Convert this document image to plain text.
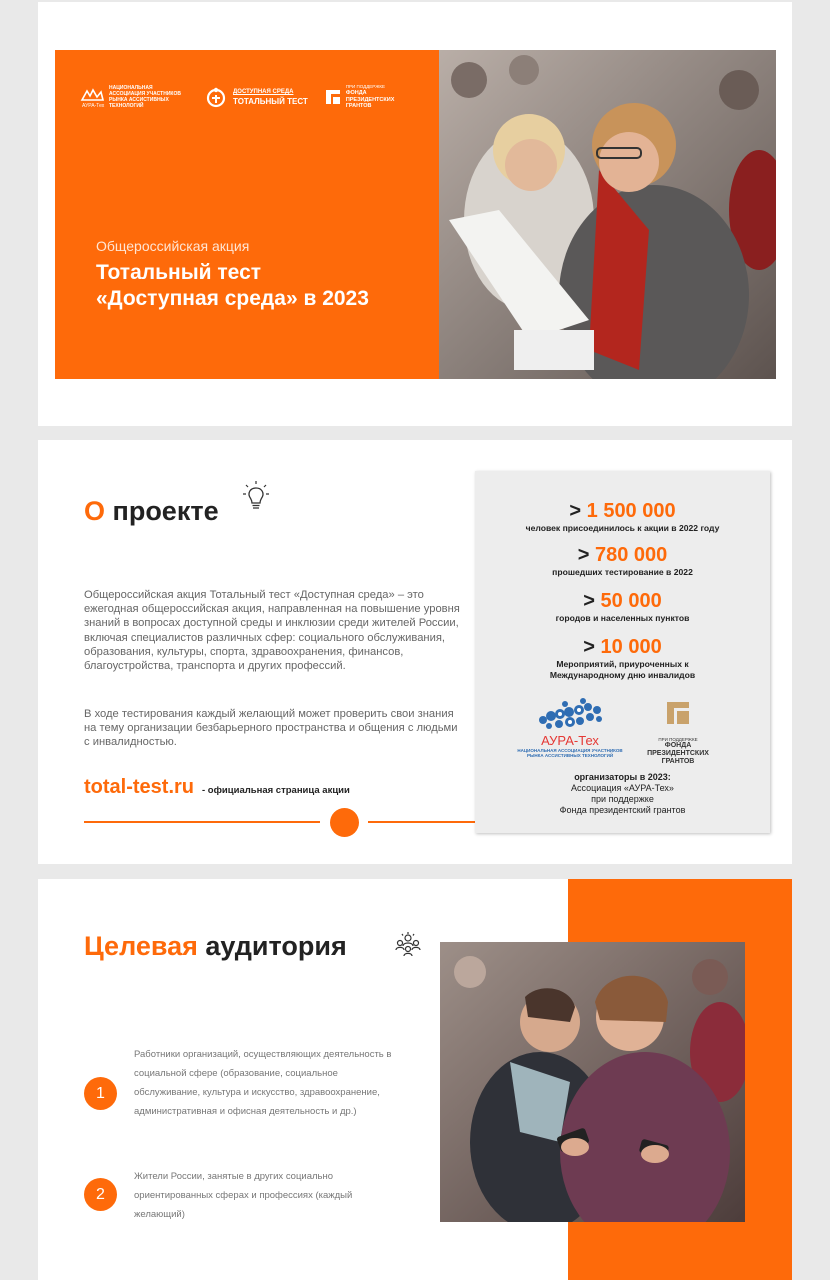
АУРА-Тех
НАЦИОНАЛЬНАЯ АССОЦИАЦИЯ УЧАСТНИКОВ РЫНКА АССИСТИВНЫХ ТЕХНОЛОГИЙ
ДОСТУПНАЯ СРЕДА
ТОТАЛЬНЫЙ ТЕСТ
ПРИ ПОДДЕРЖКЕ
ФОНДА ПРЕЗИДЕНТСКИХ ГРАНТОВ
Общероссийская акция
Тотальный тест
«Доступная среда» в 2023
О проекте

Общероссийская акция Тотальный тест «Доступная среда» – это ежегодная общероссийская акция, направленная на повышение уровня знаний в вопросах доступной среды и инклюзии среди жителей России, включая специалистов различных сфер: социального обслуживания, образования, культуры, спорта, здравоохранения, финансов, благоустройства, транспорта и других профессий.

В ходе тестирования каждый желающий может проверить свои знания на тему организации безбарьерного пространства и общения с людьми с инвалидностью.

total-test.ru - официальная страница акции
> 1 500 000
человек присоединилось к акции в 2022 году
> 780 000
прошедших тестирование в 2022
> 50 000
городов и населенных пунктов
> 10 000
Мероприятий, приуроченных к Международному дню инвалидов
АУРА-Тех
НАЦИОНАЛЬНАЯ АССОЦИАЦИЯ УЧАСТНИКОВ РЫНКА АССИСТИВНЫХ ТЕХНОЛОГИЙ
ПРИ ПОДДЕРЖКЕ
ФОНДА ПРЕЗИДЕНТСКИХ ГРАНТОВ
организаторы в 2023:
Ассоциация «АУРА-Тех»
при поддержке
Фонда президентский грантов
Целевая аудитория
1
Работники организаций, осуществляющих деятельность в социальной сфере (образование, социальное обслуживание, культура и искусство, здравоохранение, административная и офисная деятельность и др.)
2
Жители России, занятые в других социально ориентированных сферах и профессиях (каждый желающий)
